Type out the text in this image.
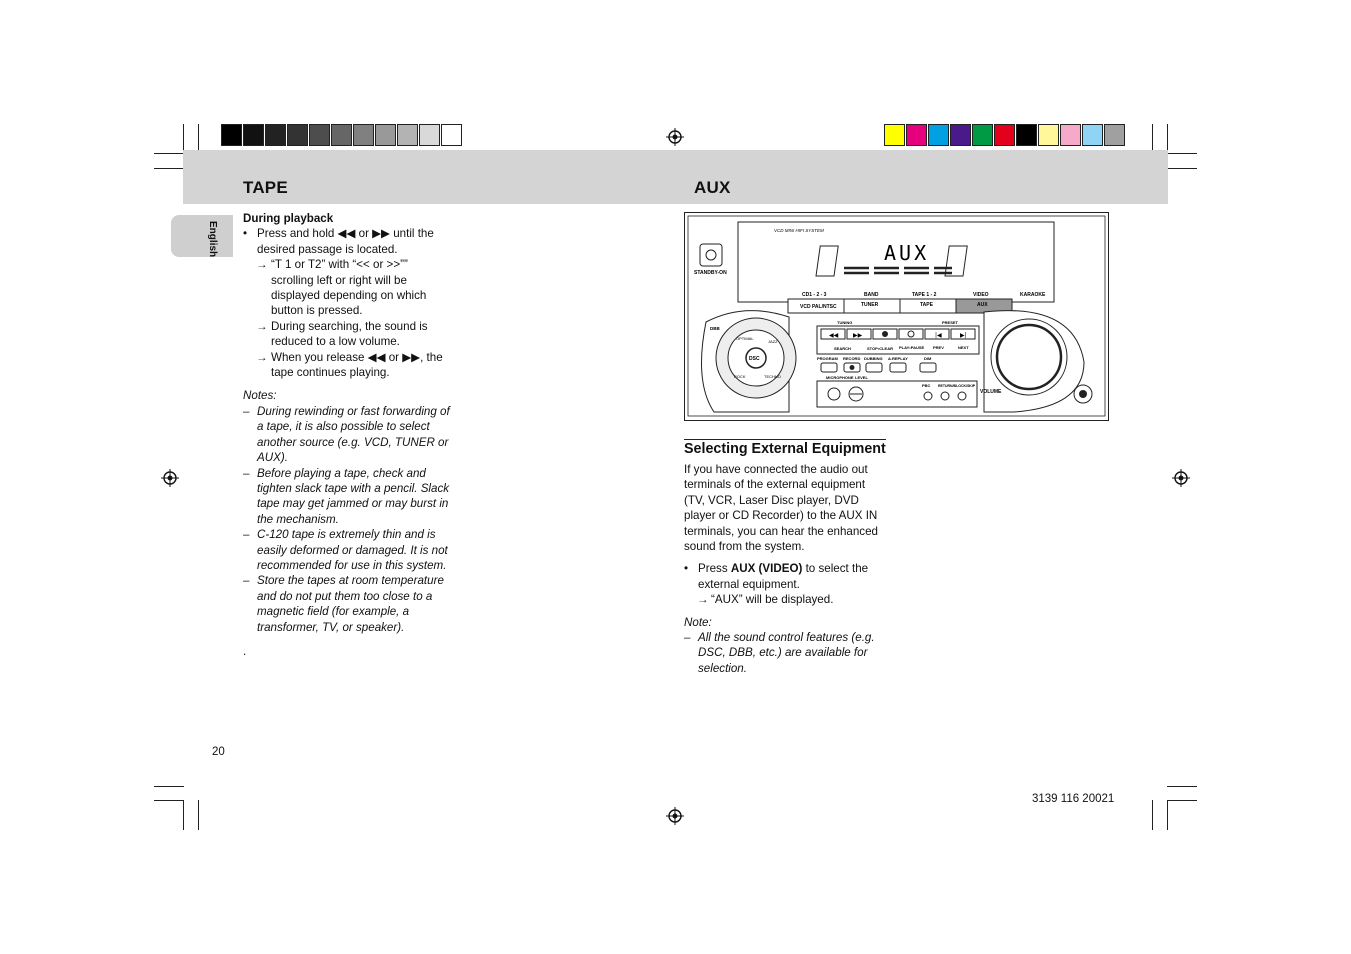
TAPE	AUX
English

During playback

• Press and hold ◀◀ or ▶▶ until the desired passage is located.
→ “T 1 or T2” with “<< or >>”” scrolling left or right will be displayed depending on which button is pressed.
→ During searching, the sound is reduced to a low volume.
→ When you release ◀◀ or ▶▶, the tape continues playing.

Notes:

– During rewinding or fast forwarding of a tape, it is also possible to select another source (e.g. VCD, TUNER or AUX).
– Before playing a tape, check and tighten slack tape with a pencil. Slack tape may get jammed or may burst in the mechanism.
– C-120 tape is extremely thin and is easily deformed or damaged. It is not recommended for use in this system.
– Store the tapes at room temperature and do not put them too close to a magnetic field (for example, a transformer, TV, or speaker).
.
VCD MINI HIFI SYSTEM
AUX
STANDBY-ON
CD1 - 2 - 3	BAND	TAPE 1 - 2	VIDEO	KARAOKE
VCD PAL/NTSC	TUNER	TAPE	AUX
DSC
OPTIMAL
JAZZ
ROCK	TECHNO
DBB
TUNING	PRESET
◀◀ ▶▶	|◀	▶|
SEARCH	STOP•CLEAR PLAY•PAUSE PREV	NEXT
PROGRAM RECORD DUBBING A.REPLAY	DIM
MICROPHONE LEVEL
PBC RETURN/BLOCK/SKIP
VOLUME
Selecting External Equipment

If you have connected the audio out terminals of the external equipment (TV, VCR, Laser Disc player, DVD player or CD Recorder) to the AUX IN terminals, you can hear the enhanced sound from the system.

• Press AUX (VIDEO) to select the external equipment.
→ “AUX” will be displayed.

Note:

– All the sound control features (e.g. DSC, DBB, etc.) are available for selection.
20
3139 116 20021
